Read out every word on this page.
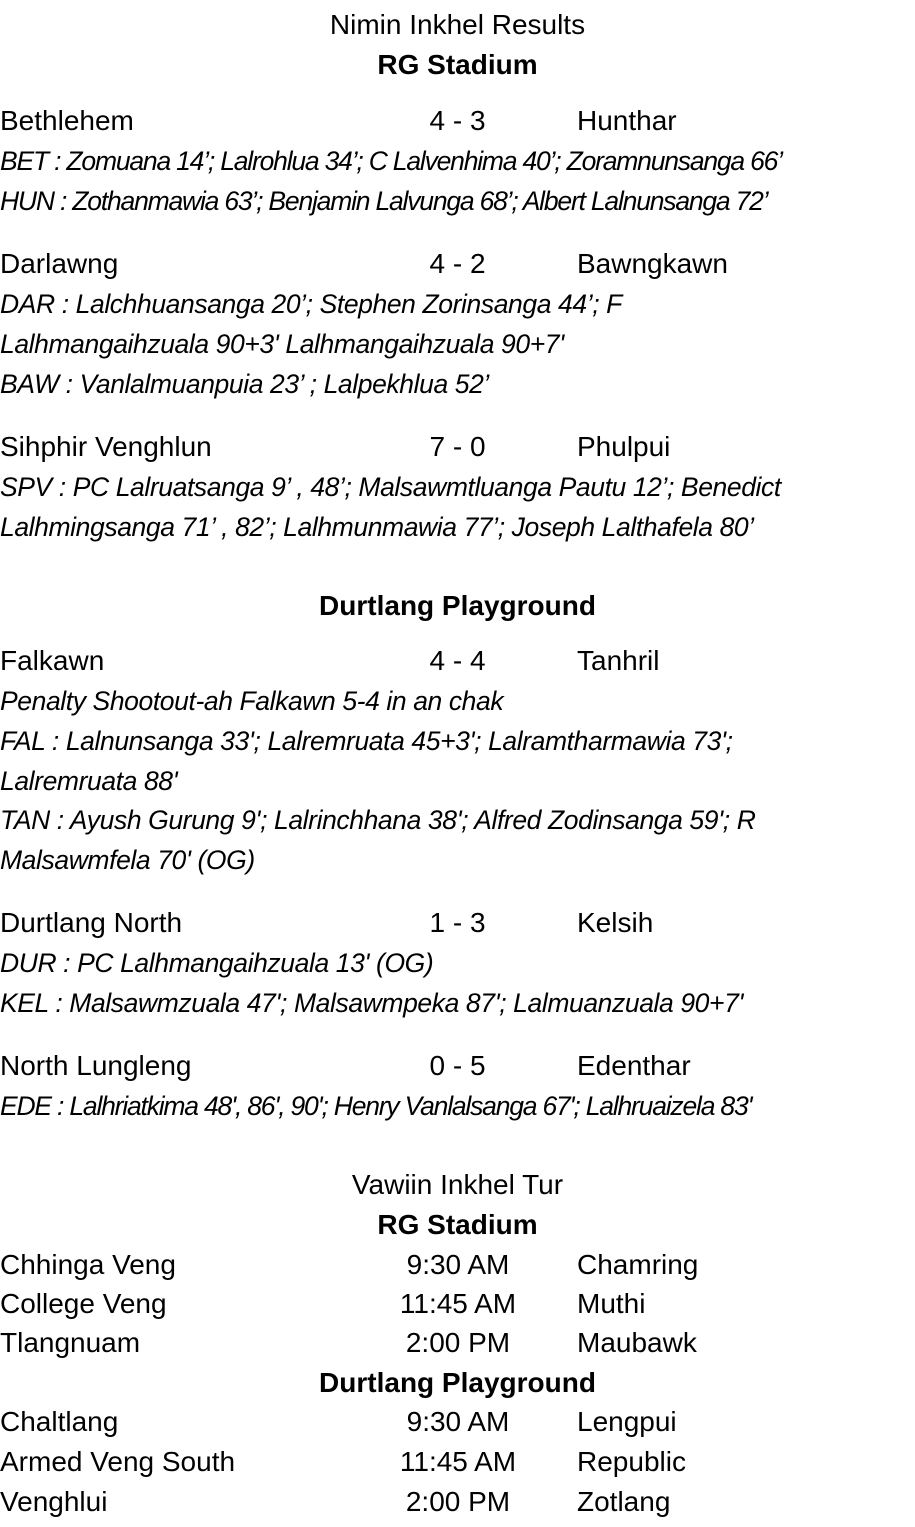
Nimin Inkhel Results
RG Stadium
Bethlehem	4 - 3	Hunthar
BET : Zomuana 14’; Lalrohlua 34’; C Lalvenhima 40’; Zoramnunsanga 66’
HUN : Zothanmawia 63’; Benjamin Lalvunga 68’; Albert Lalnunsanga 72’
Darlawng	4 - 2	Bawngkawn
DAR : Lalchhuansanga 20’; Stephen Zorinsanga 44’; F
Lalhmangaihzuala 90+3' Lalhmangaihzuala 90+7'
BAW : Vanlalmuanpuia 23’ ; Lalpekhlua 52’
Sihphir Venghlun	7 - 0	Phulpui
SPV : PC Lalruatsanga 9’ , 48’; Malsawmtluanga Pautu 12’; Benedict
Lalhmingsanga 71’ , 82’; Lalhmunmawia 77’; Joseph Lalthafela 80’
Durtlang Playground
Falkawn	4 - 4	Tanhril
Penalty Shootout-ah Falkawn 5-4 in an chak
FAL : Lalnunsanga 33'; Lalremruata 45+3'; Lalramtharmawia 73';
Lalremruata 88'
TAN : Ayush Gurung 9'; Lalrinchhana 38'; Alfred Zodinsanga 59'; R
Malsawmfela 70' (OG)
Durtlang North	1 - 3	Kelsih
DUR : PC Lalhmangaihzuala 13' (OG)
KEL : Malsawmzuala 47'; Malsawmpeka 87'; Lalmuanzuala 90+7'
North Lungleng	0 - 5	Edenthar
EDE : Lalhriatkima 48', 86', 90'; Henry Vanlalsanga 67'; Lalhruaizela 83'
Vawiin Inkhel Tur
RG Stadium
Chhinga Veng	9:30 AM	Chamring
College Veng	11:45 AM	Muthi
Tlangnuam	2:00 PM	Maubawk
Durtlang Playground
Chaltlang	9:30 AM	Lengpui
Armed Veng South	11:45 AM	Republic
Venghlui	2:00 PM	Zotlang
